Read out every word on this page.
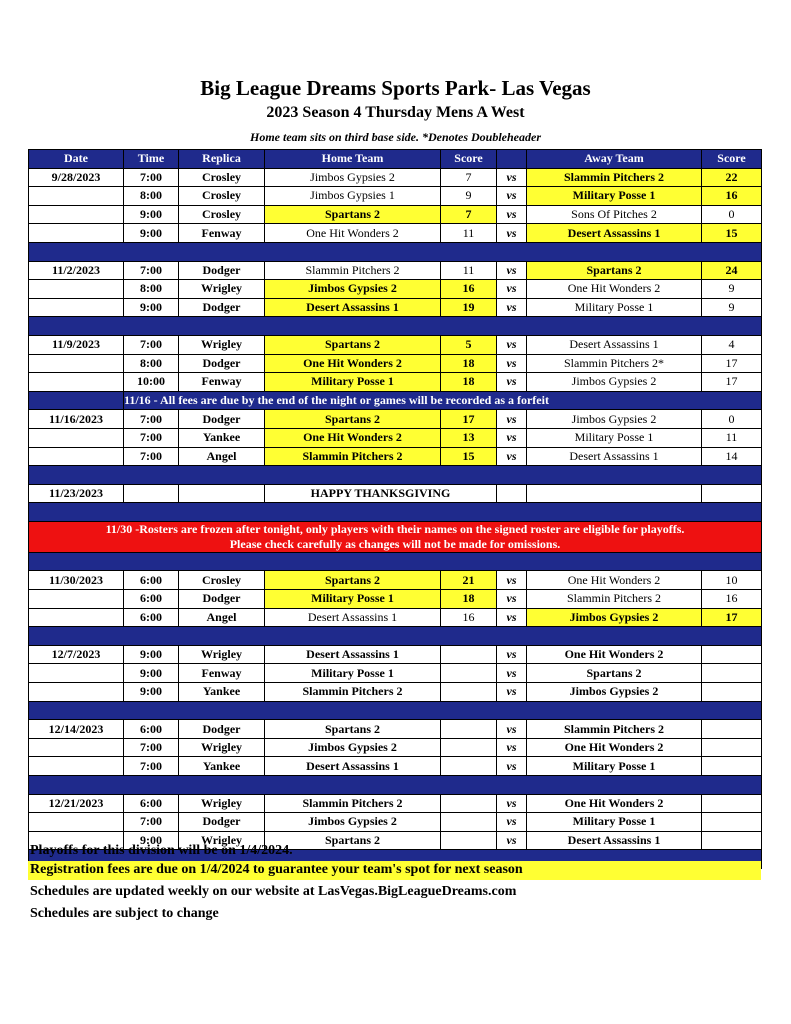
Big League Dreams Sports Park- Las Vegas
2023 Season 4 Thursday Mens A West
Home team sits on third base side. *Denotes Doubleheader
Date	Time	Replica	Home Team	Score		Away Team	Score
9/28/2023	7:00	Crosley	Jimbos Gypsies 2	7	vs	Slammin Pitchers 2	22
	8:00	Crosley	Jimbos Gypsies 1	9	vs	Military Posse 1	16
	9:00	Crosley	Spartans 2	7	vs	Sons Of Pitches 2	0
	9:00	Fenway	One Hit Wonders 2	11	vs	Desert Assassins 1	15

11/2/2023	7:00	Dodger	Slammin Pitchers 2	11	vs	Spartans 2	24
	8:00	Wrigley	Jimbos Gypsies 2	16	vs	One Hit Wonders 2	9
	9:00	Dodger	Desert Assassins 1	19	vs	Military Posse 1	9

11/9/2023	7:00	Wrigley	Spartans 2	5	vs	Desert Assassins 1	4
	8:00	Dodger	One Hit Wonders 2	18	vs	Slammin Pitchers 2*	17
	10:00	Fenway	Military Posse 1	18	vs	Jimbos Gypsies 2	17
	11/16 - All fees are due by the end of the night or games will be recorded as a forfeit						
11/16/2023	7:00	Dodger	Spartans 2	17	vs	Jimbos Gypsies 2	0
	7:00	Yankee	One Hit Wonders 2	13	vs	Military Posse 1	11
	7:00	Angel	Slammin Pitchers 2	15	vs	Desert Assassins 1	14

11/23/2023			HAPPY THANKSGIVING				

11/30 -Rosters are frozen after tonight, only players with their names on the signed roster are eligible for playoffs.
Please check carefully as changes will not be made for omissions.							

11/30/2023	6:00	Crosley	Spartans 2	21	vs	One Hit Wonders 2	10
	6:00	Dodger	Military Posse 1	18	vs	Slammin Pitchers 2	16
	6:00	Angel	Desert Assassins 1	16	vs	Jimbos Gypsies 2	17

12/7/2023	9:00	Wrigley	Desert Assassins 1		vs	One Hit Wonders 2	
	9:00	Fenway	Military Posse 1		vs	Spartans 2	
	9:00	Yankee	Slammin Pitchers 2		vs	Jimbos Gypsies 2	

12/14/2023	6:00	Dodger	Spartans 2		vs	Slammin Pitchers 2	
	7:00	Wrigley	Jimbos Gypsies 2		vs	One Hit Wonders 2	
	7:00	Yankee	Desert Assassins 1		vs	Military Posse 1	

12/21/2023	6:00	Wrigley	Slammin Pitchers 2		vs	One Hit Wonders 2	
	7:00	Dodger	Jimbos Gypsies 2		vs	Military Posse 1	
	9:00	Wrigley	Spartans 2		vs	Desert Assassins 1	

Playoffs for this division will be on 1/4/2024.
Registration fees are due on 1/4/2024 to guarantee your team's spot for next season
Schedules are updated weekly on our website at LasVegas.BigLeagueDreams.com
Schedules are subject to change
